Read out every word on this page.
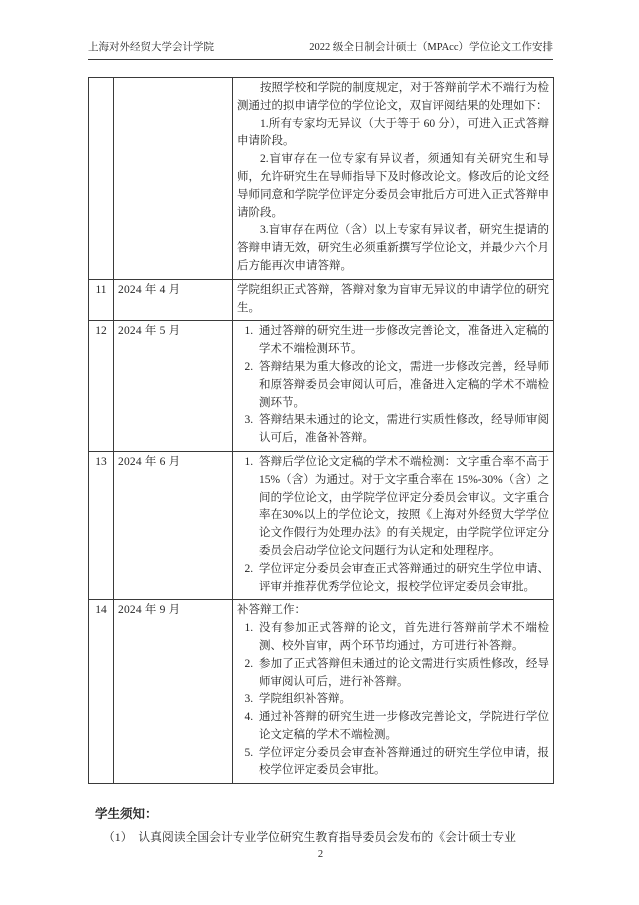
上海对外经贸大学会计学院	2022 级全日制会计硕士（MPAcc）学位论文工作安排

		按照学校和学院的制度规定，对于答辩前学术不端行为检测通过的拟申请学位的学位论文，双盲评阅结果的处理如下：

1.所有专家均无异议（大于等于 60 分），可进入正式答辩申请阶段。

2.盲审存在一位专家有异议者，须通知有关研究生和导师，允许研究生在导师指导下及时修改论文。修改后的论文经导师同意和学院学位评定分委员会审批后方可进入正式答辩申请阶段。

3.盲审存在两位（含）以上专家有异议者，研究生提请的答辩申请无效，研究生必须重新撰写学位论文，并最少六个月后方能再次申请答辩。

11	2024 年 4 月	学院组织正式答辩，答辩对象为盲审无异议的申请学位的研究生。

12	2024 年 5 月	
1.通过答辩的研究生进一步修改完善论文，准备进入定稿的学术不端检测环节。
2. 答辩结果为重大修改的论文，需进一步修改完善，经导师和原答辩委员会审阅认可后，准备进入定稿的学术不端检测环节。
3. 答辩结果未通过的论文，需进行实质性修改，经导师审阅认可后，准备补答辩。

13	2024 年 6 月	
1.答辩后学位论文定稿的学术不端检测：文字重合率不高于15%（含）为通过。对于文字重合率在 15%-30%（含）之间的学位论文，由学院学位评定分委员会审议。文字重合率在30%以上的学位论文，按照《上海对外经贸大学学位论文作假行为处理办法》的有关规定，由学院学位评定分委员会启动学位论文问题行为认定和处理程序。
2. 学位评定分委员会审查正式答辩通过的研究生学位申请、评审并推荐优秀学位论文，报校学位评定委员会审批。

14	2024 年 9 月	补答辩工作：

1. 没有参加正式答辩的论文，首先进行答辩前学术不端检测、校外盲审，两个环节均通过，方可进行补答辩。
2. 参加了正式答辩但未通过的论文需进行实质性修改，经导师审阅认可后，进行补答辩。
3. 学院组织补答辩。
4. 通过补答辩的研究生进一步修改完善论文，学院进行学位论文定稿的学术不端检测。
5. 学位评定分委员会审查补答辩通过的研究生学位申请，报校学位评定委员会审批。
学生须知：
（1）　认真阅读全国会计专业学位研究生教育指导委员会发布的《会计硕士专业
2
